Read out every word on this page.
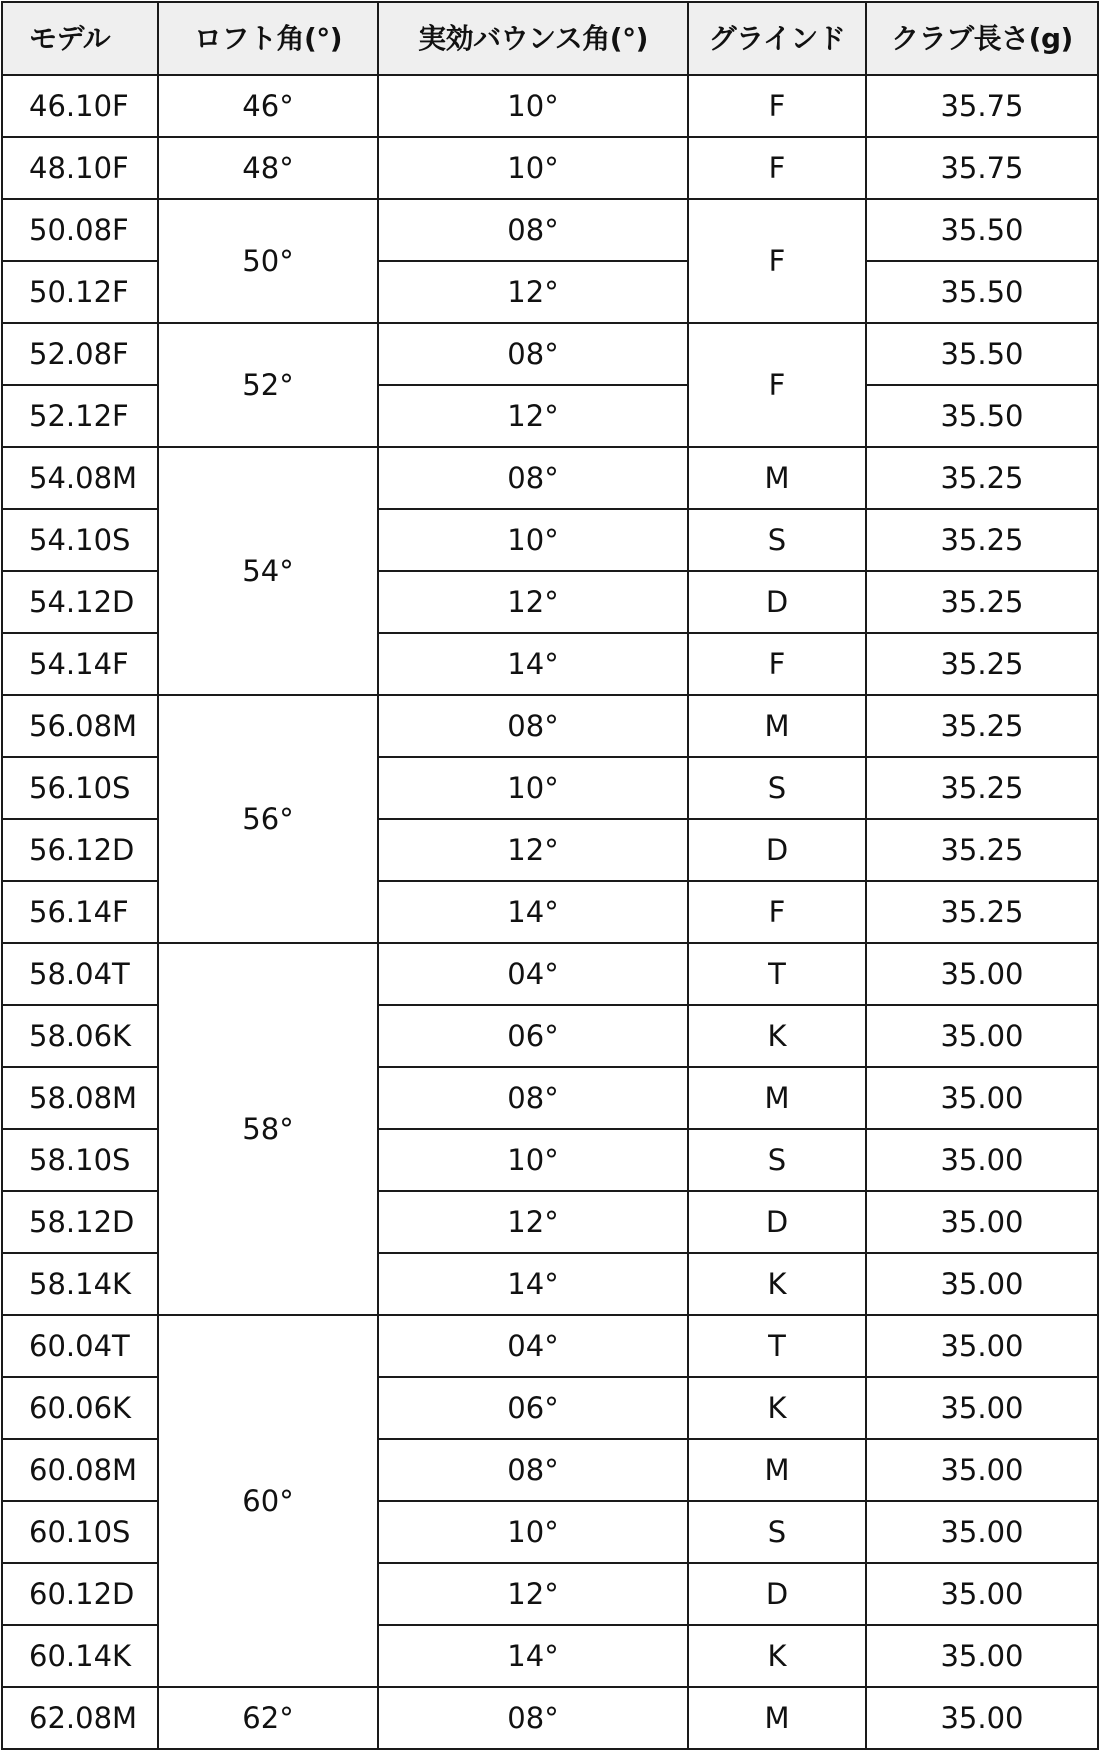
モデル	ロフト角(°)	実効バウンス角(°)	グラインド	クラブ長さ(g)
46.10F	46°	10°	F	35.75
48.10F	48°	10°	F	35.75
50.08F	50°	08°	F	35.50
50.12F		12°		35.50
52.08F	52°	08°	F	35.50
52.12F		12°		35.50
54.08M	54°	08°	M	35.25
54.10S		10°	S	35.25
54.12D		12°	D	35.25
54.14F		14°	F	35.25
56.08M	56°	08°	M	35.25
56.10S		10°	S	35.25
56.12D		12°	D	35.25
56.14F		14°	F	35.25
58.04T	58°	04°	T	35.00
58.06K		06°	K	35.00
58.08M		08°	M	35.00
58.10S		10°	S	35.00
58.12D		12°	D	35.00
58.14K		14°	K	35.00
60.04T	60°	04°	T	35.00
60.06K		06°	K	35.00
60.08M		08°	M	35.00
60.10S		10°	S	35.00
60.12D		12°	D	35.00
60.14K		14°	K	35.00
62.08M	62°	08°	M	35.00
